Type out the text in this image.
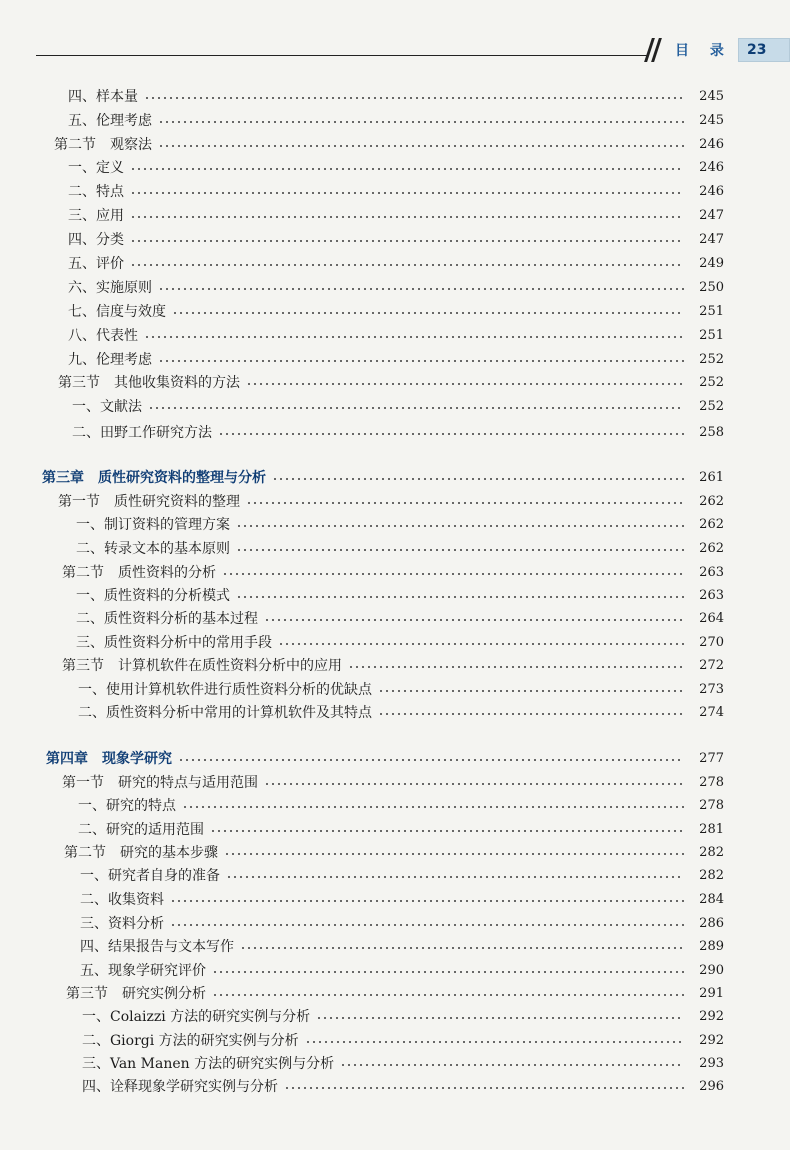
目 录	23
四、样本量	245
五、伦理考虑	245
第二节　观察法	246
一、定义	246
二、特点	246
三、应用	247
四、分类	247
五、评价	249
六、实施原则	250
七、信度与效度	251
八、代表性	251
九、伦理考虑	252
第三节　其他收集资料的方法	252
一、文献法	252
二、田野工作研究方法	258
第三章　质性研究资料的整理与分析	261
第一节　质性研究资料的整理	262
一、制订资料的管理方案	262
二、转录文本的基本原则	262
第二节　质性资料的分析	263
一、质性资料的分析模式	263
二、质性资料分析的基本过程	264
三、质性资料分析中的常用手段	270
第三节　计算机软件在质性资料分析中的应用	272
一、使用计算机软件进行质性资料分析的优缺点	273
二、质性资料分析中常用的计算机软件及其特点	274
第四章　现象学研究	277
第一节　研究的特点与适用范围	278
一、研究的特点	278
二、研究的适用范围	281
第二节　研究的基本步骤	282
一、研究者自身的准备	282
二、收集资料	284
三、资料分析	286
四、结果报告与文本写作	289
五、现象学研究评价	290
第三节　研究实例分析	291
一、Colaizzi 方法的研究实例与分析	292
二、Giorgi 方法的研究实例与分析	292
三、Van Manen 方法的研究实例与分析	293
四、诠释现象学研究实例与分析	296
